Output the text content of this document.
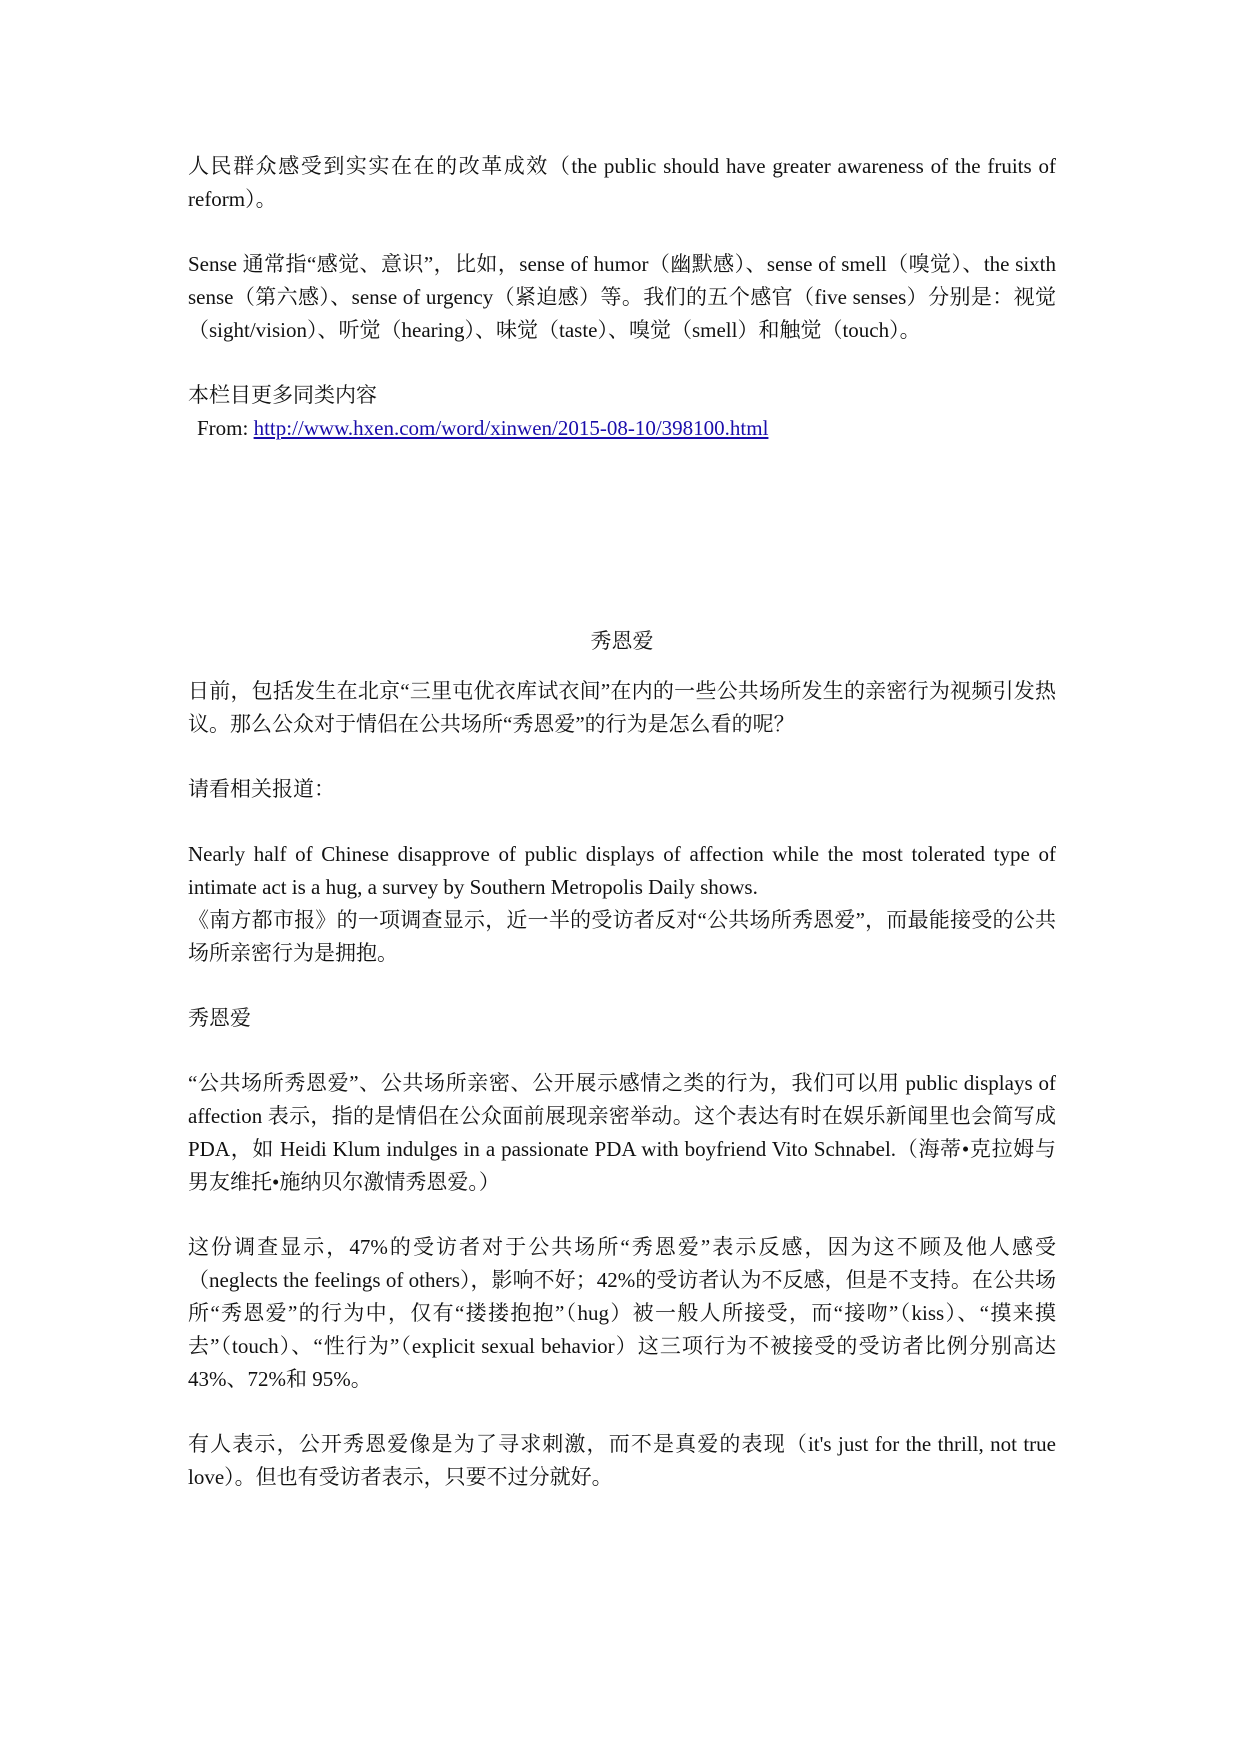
人民群众感受到实实在在的改革成效（the public should have greater awareness of the fruits of reform）。

Sense 通常指“感觉、意识”，比如，sense of humor（幽默感）、sense of smell（嗅觉）、the sixth sense（第六感）、sense of urgency（紧迫感）等。我们的五个感官（five senses）分别是：视觉（sight/vision）、听觉（hearing）、味觉（taste）、嗅觉（smell）和触觉（touch）。

本栏目更多同类内容

From: http://www.hxen.com/word/xinwen/2015-08-10/398100.html

秀恩爱

日前，包括发生在北京“三里屯优衣库试衣间”在内的一些公共场所发生的亲密行为视频引发热议。那么公众对于情侣在公共场所“秀恩爱”的行为是怎么看的呢？

请看相关报道：

Nearly half of Chinese disapprove of public displays of affection while the most tolerated type of intimate act is a hug, a survey by Southern Metropolis Daily shows.

《南方都市报》的一项调查显示，近一半的受访者反对“公共场所秀恩爱”，而最能接受的公共场所亲密行为是拥抱。

秀恩爱

“公共场所秀恩爱”、公共场所亲密、公开展示感情之类的行为，我们可以用 public displays of affection 表示，指的是情侣在公众面前展现亲密举动。这个表达有时在娱乐新闻里也会简写成 PDA，如 Heidi Klum indulges in a passionate PDA with boyfriend Vito Schnabel.（海蒂•克拉姆与男友维托•施纳贝尔激情秀恩爱。）

这份调查显示，47%的受访者对于公共场所“秀恩爱”表示反感，因为这不顾及他人感受（neglects the feelings of others），影响不好；42%的受访者认为不反感，但是不支持。在公共场所“秀恩爱”的行为中，仅有“搂搂抱抱”（hug）被一般人所接受，而“接吻”（kiss）、“摸来摸去”（touch）、“性行为”（explicit sexual behavior）这三项行为不被接受的受访者比例分别高达 43%、72%和 95%。

有人表示，公开秀恩爱像是为了寻求刺激，而不是真爱的表现（it's just for the thrill, not true love）。但也有受访者表示，只要不过分就好。
